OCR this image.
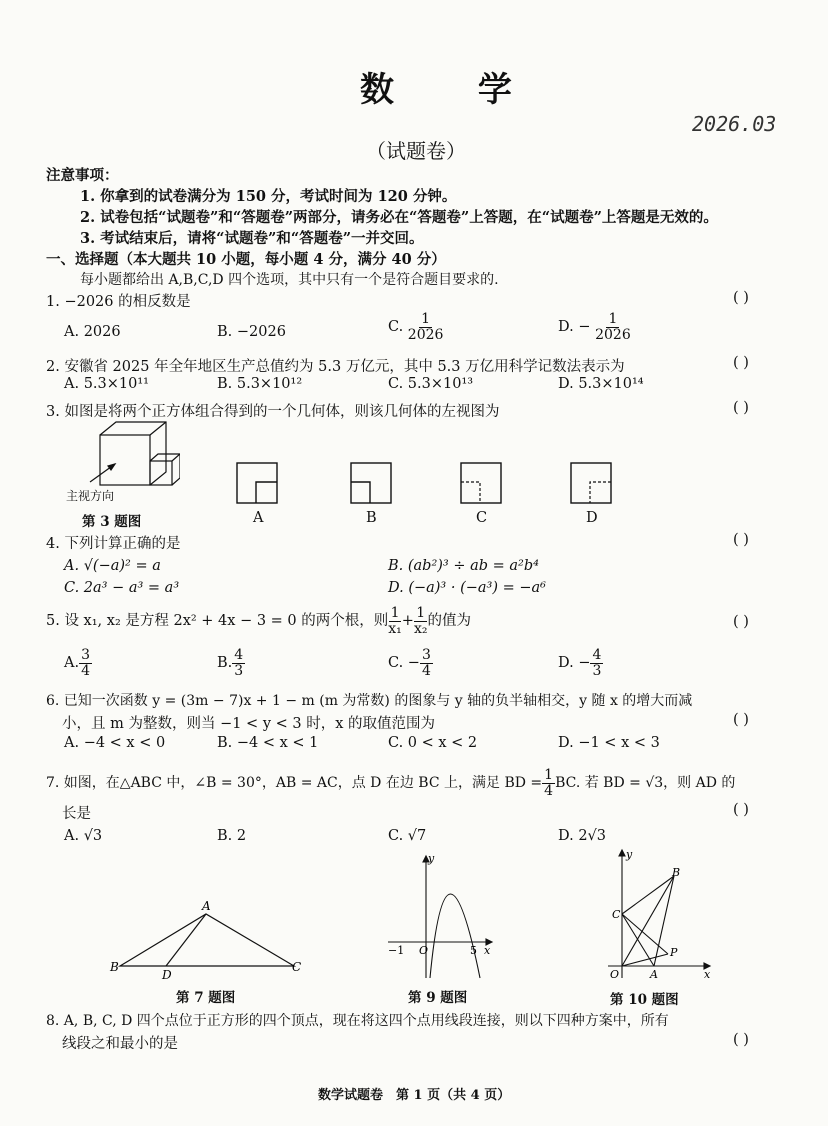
数 学
2026.03
（试题卷）
注意事项：
1. 你拿到的试卷满分为 150 分，考试时间为 120 分钟。
2. 试卷包括“试题卷”和“答题卷”两部分，请务必在“答题卷”上答题，在“试题卷”上答题是无效的。
3. 考试结束后，请将“试题卷”和“答题卷”一并交回。
一、选择题（本大题共 10 小题，每小题 4 分，满分 40 分）
每小题都给出 A,B,C,D 四个选项，其中只有一个是符合题目要求的.
1. −2026 的相反数是	( )
A. 2026	B. −2026	C. $\frac{1}{2026}$	D. − $\frac{1}{2026}$
2. 安徽省 2025 年全年地区生产总值约为 5.3 万亿元，其中 5.3 万亿用科学记数法表示为	( )
A. 5.3×10¹¹	B. 5.3×10¹²	C. 5.3×10¹³	D. 5.3×10¹⁴
3. 如图是将两个正方体组合得到的一个几何体，则该几何体的左视图为	( )
主视方向
第 3 题图	A	B	C	D
4. 下列计算正确的是	( )
A. √(−a)² = a	B. (ab²)³ ÷ ab = a²b⁴
C. 2a³ − a³ = a³	D. (−a)³ · (−a³) = −a⁶
5. 设 x₁, x₂ 是方程 2x² + 4x − 3 = 0 的两个根，则 $\frac{1}{\text{x₁}} + \frac{1}{\text{x₂}}$ 的值为	( )
A. $\frac{3}{4}$	B. $\frac{4}{3}$	C. − $\frac{3}{4}$	D. − $\frac{4}{3}$
6. 已知一次函数 y = (3m − 7)x + 1 − m (m 为常数) 的图象与 y 轴的负半轴相交，y 随 x 的增大而减
小，且 m 为整数，则当 −1 < y < 3 时，x 的取值范围为	( )
A. −4 < x < 0	B. −4 < x < 1	C. 0 < x < 2	D. −1 < x < 3
7. 如图，在△ABC 中，∠B = 30°，AB = AC，点 D 在边 BC 上，满足 BD = $\frac{1}{4}$ BC. 若 BD = √3，则 AD 的
长是	( )
A. √3	B. 2	C. √7	D. 2√3
A
B	C
D
第 7 题图
y
x
O
−1	5
第 9 题图
y
x
O	A
B
C
P
第 10 题图
8. A, B, C, D 四个点位于正方形的四个顶点，现在将这四个点用线段连接，则以下四种方案中，所有
线段之和最小的是	( )
数学试题卷　第 1 页（共 4 页）
